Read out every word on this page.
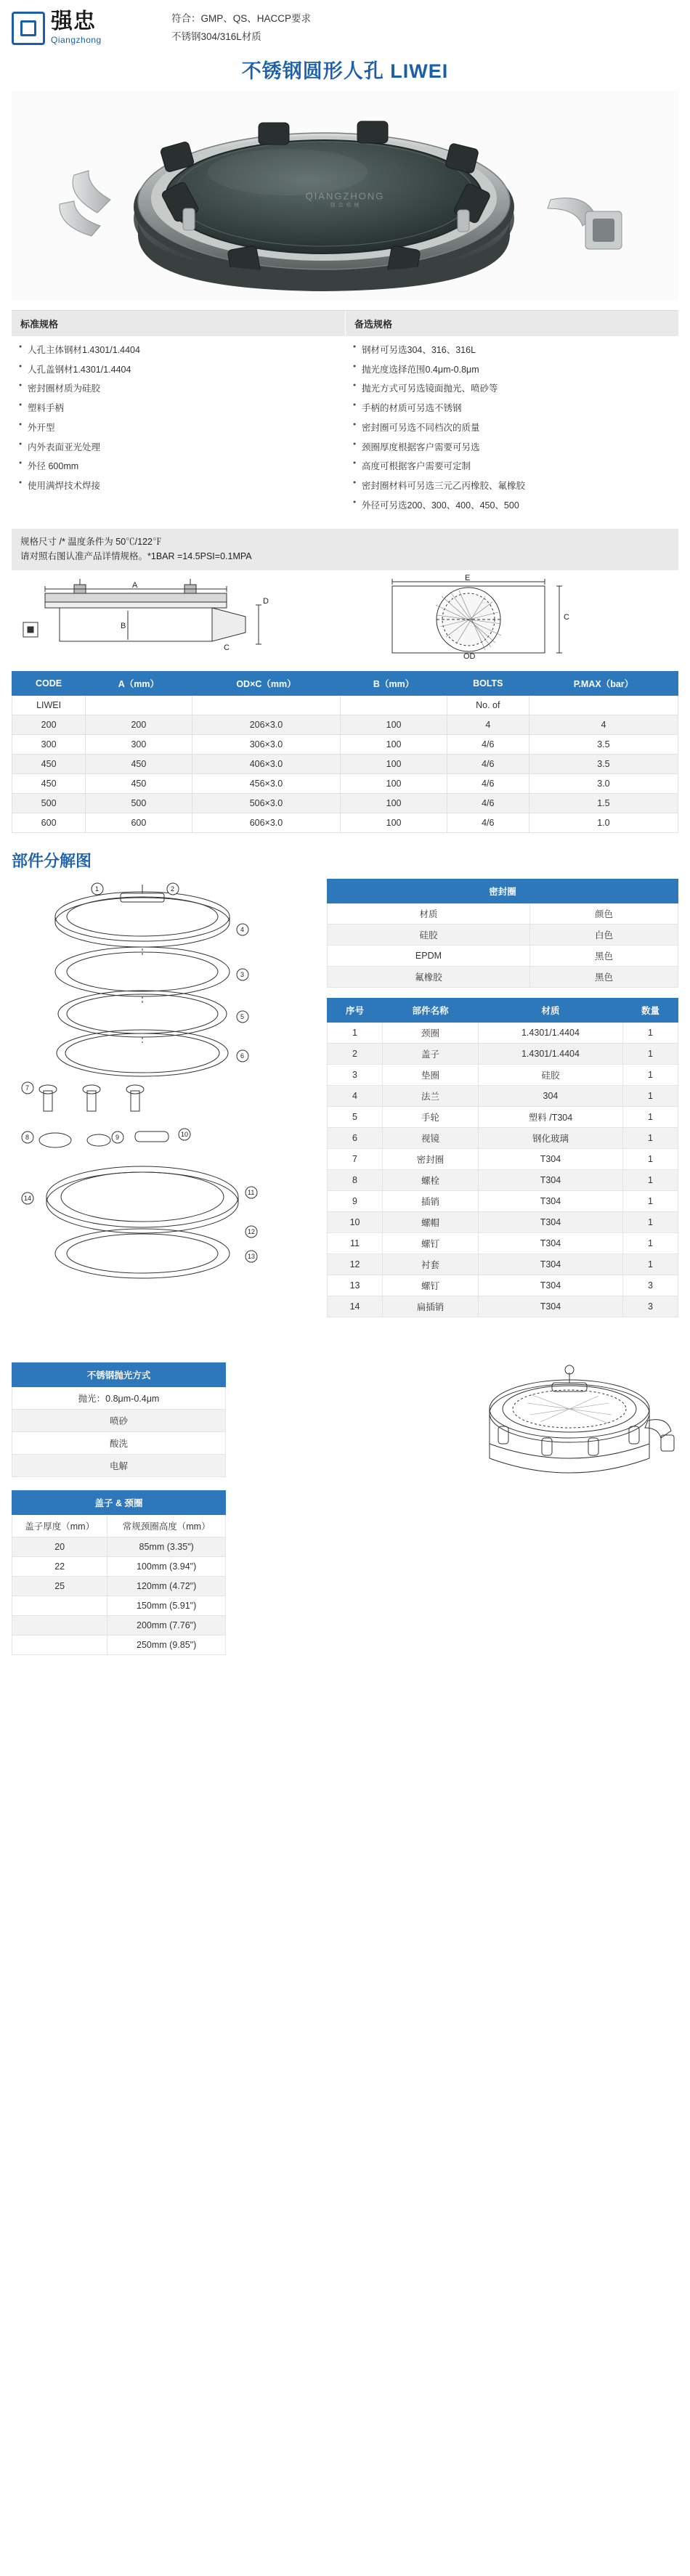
强忠
Qiangzhong
符合：GMP、QS、HACCP要求
不锈钢304/316L材质
不锈钢圆形人孔 LIWEI
QIANGZHONG
强 忠 机 械
标准规格
● 人孔主体钢材1.4301/1.4404
● 人孔盖钢材1.4301/1.4404
● 密封圈材质为硅胶
● 塑料手柄
● 外开型
● 内外表面亚光处理
● 外径 600mm
● 使用满焊技术焊接
备选规格
● 钢材可另选304、316、316L
● 抛光度选择范围0.4μm-0.8μm
● 抛光方式可另选镜面抛光、喷砂等
● 手柄的材质可另选不锈钢
● 密封圈可另选不同档次的质量
● 颈圈厚度根据客户需要可另选
● 高度可根据客户需要可定制
● 密封圈材料可另选三元乙丙橡胶、氟橡胶
● 外径可另选200、300、400、450、500
规格尺寸 /* 温度条件为 50℃/122℉
请对照右图认准产品详情规格。*1BAR =14.5PSI=0.1MPA
A
B
C
D
E
C
OD
CODE	A（mm）	OD×C（mm）	B（mm）	BOLTS	P.MAX（bar）
LIWEI				No. of	
200	200	206×3.0	100	4	4
300	300	306×3.0	100	4/6	3.5
450	450	406×3.0	100	4/6	3.5
450	450	456×3.0	100	4/6	3.0
500	500	506×3.0	100	4/6	1.5
600	600	606×3.0	100	4/6	1.0
部件分解图
1	2
4
3
5
6
7
8	9	10
11
12
13
14
密封圈	
材质	颜色
硅胶	白色
EPDM	黑色
氟橡胶	黑色
序号	部件名称	材质	数量
1	颈圈	1.4301/1.4404	1
2	盖子	1.4301/1.4404	1
3	垫圈	硅胶	1
4	法兰	304	1
5	手轮	塑料 /T304	1
6	视镜	钢化玻璃	1
7	密封圈	T304	1
8	螺栓	T304	1
9	插销	T304	1
10	螺帽	T304	1
11	螺钉	T304	1
12	衬套	T304	1
13	螺钉	T304	3
14	扁插销	T304	3
不锈钢抛光方式
抛光：0.8μm-0.4μm
喷砂
酸洗
电解
盖子 & 颈圈	
盖子厚度（mm）	常规颈圈高度（mm）
20	85mm (3.35")
22	100mm (3.94")
25	120mm (4.72")
	150mm (5.91")
	200mm (7.76")
	250mm (9.85")
